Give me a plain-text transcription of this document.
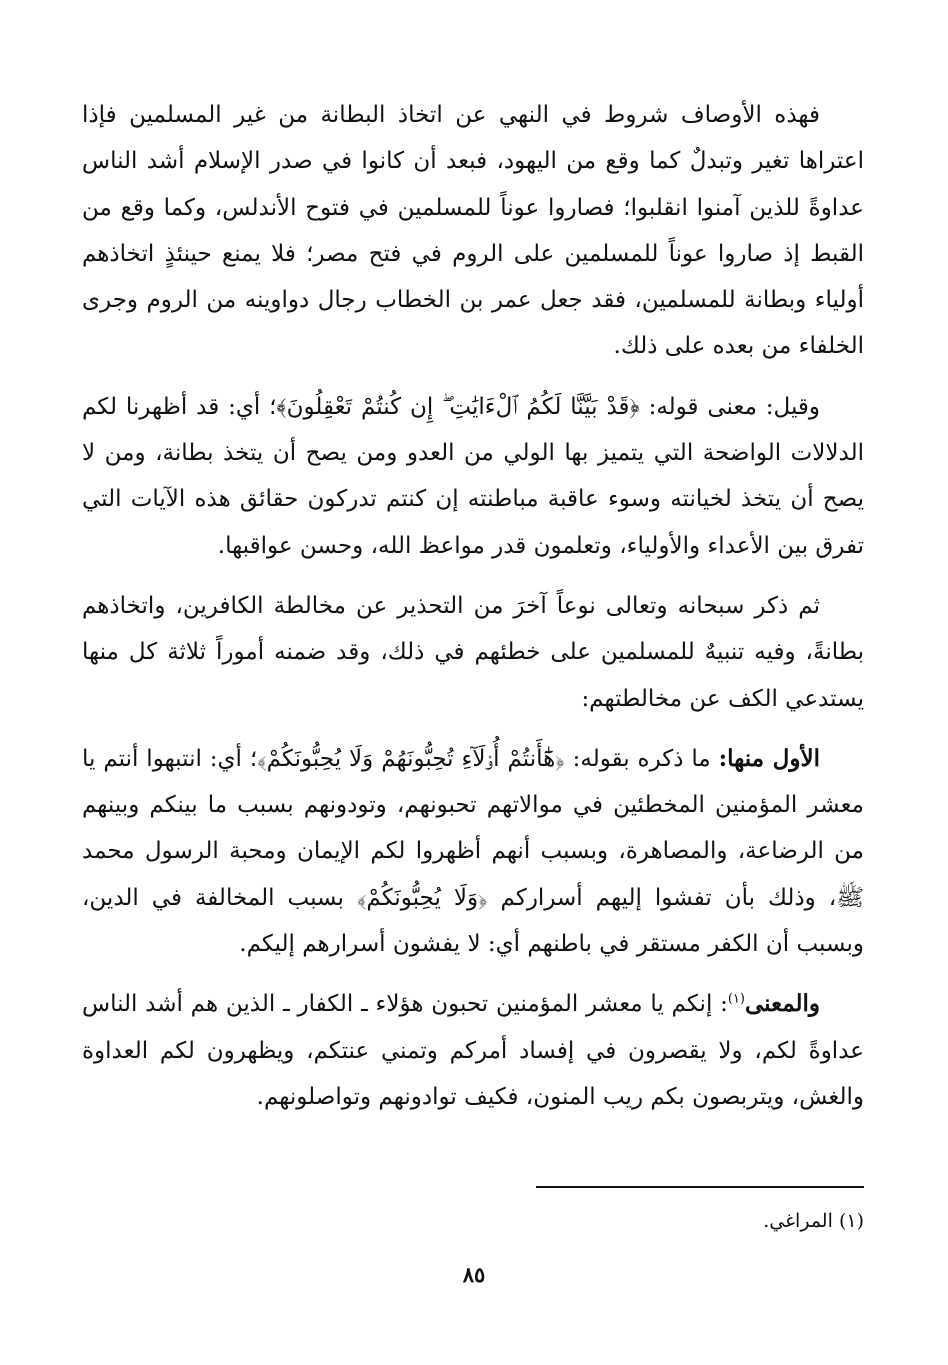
فهذه الأوصاف شروط في النهي عن اتخاذ البطانة من غير المسلمين فإذا اعتراها تغير وتبدلٌ كما وقع من اليهود، فبعد أن كانوا في صدر الإسلام أشد الناس عداوةً للذين آمنوا انقلبوا؛ فصاروا عوناً للمسلمين في فتوح الأندلس، وكما وقع من القبط إذ صاروا عوناً للمسلمين على الروم في فتح مصر؛ فلا يمنع حينئذٍ اتخاذهم أولياء وبطانة للمسلمين، فقد جعل عمر بن الخطاب رجال دواوينه من الروم وجرى الخلفاء من بعده على ذلك.

وقيل: معنى قوله: ﴿قَدْ بَيَّنَّا لَكُمُ ٱلْءَايَٰتِ ۖ إِن كُنتُمْ تَعْقِلُونَ﴾؛ أي: قد أظهرنا لكم الدلالات الواضحة التي يتميز بها الولي من العدو ومن يصح أن يتخذ بطانة، ومن لا يصح أن يتخذ لخيانته وسوء عاقبة مباطنته إن كنتم تدركون حقائق هذه الآيات التي تفرق بين الأعداء والأولياء، وتعلمون قدر مواعظ الله، وحسن عواقبها.

ثم ذكر سبحانه وتعالى نوعاً آخرَ من التحذير عن مخالطة الكافرين، واتخاذهم بطانةً، وفيه تنبيهٌ للمسلمين على خطئهم في ذلك، وقد ضمنه أموراً ثلاثة كل منها يستدعي الكف عن مخالطتهم:

الأول منها: ما ذكره بقوله: ﴿هَٰٓأَنتُمْ أُو۟لَآءِ تُحِبُّونَهُمْ وَلَا يُحِبُّونَكُمْ﴾؛ أي: انتبهوا أنتم يا معشر المؤمنين المخطئين في موالاتهم تحبونهم، وتودونهم بسبب ما بينكم وبينهم من الرضاعة، والمصاهرة، وبسبب أنهم أظهروا لكم الإيمان ومحبة الرسول محمد ﷺ، وذلك بأن تفشوا إليهم أسراركم ﴿وَلَا يُحِبُّونَكُمْ﴾ بسبب المخالفة في الدين، وبسبب أن الكفر مستقر في باطنهم أي: لا يفشون أسرارهم إليكم.

والمعنى$^{(١)}$: إنكم يا معشر المؤمنين تحبون هؤلاء ـ الكفار ـ الذين هم أشد الناس عداوةً لكم، ولا يقصرون في إفساد أمركم وتمني عنتكم، ويظهرون لكم العداوة والغش، ويتربصون بكم ريب المنون، فكيف توادونهم وتواصلونهم.

(١) المراغي.
٨٥
